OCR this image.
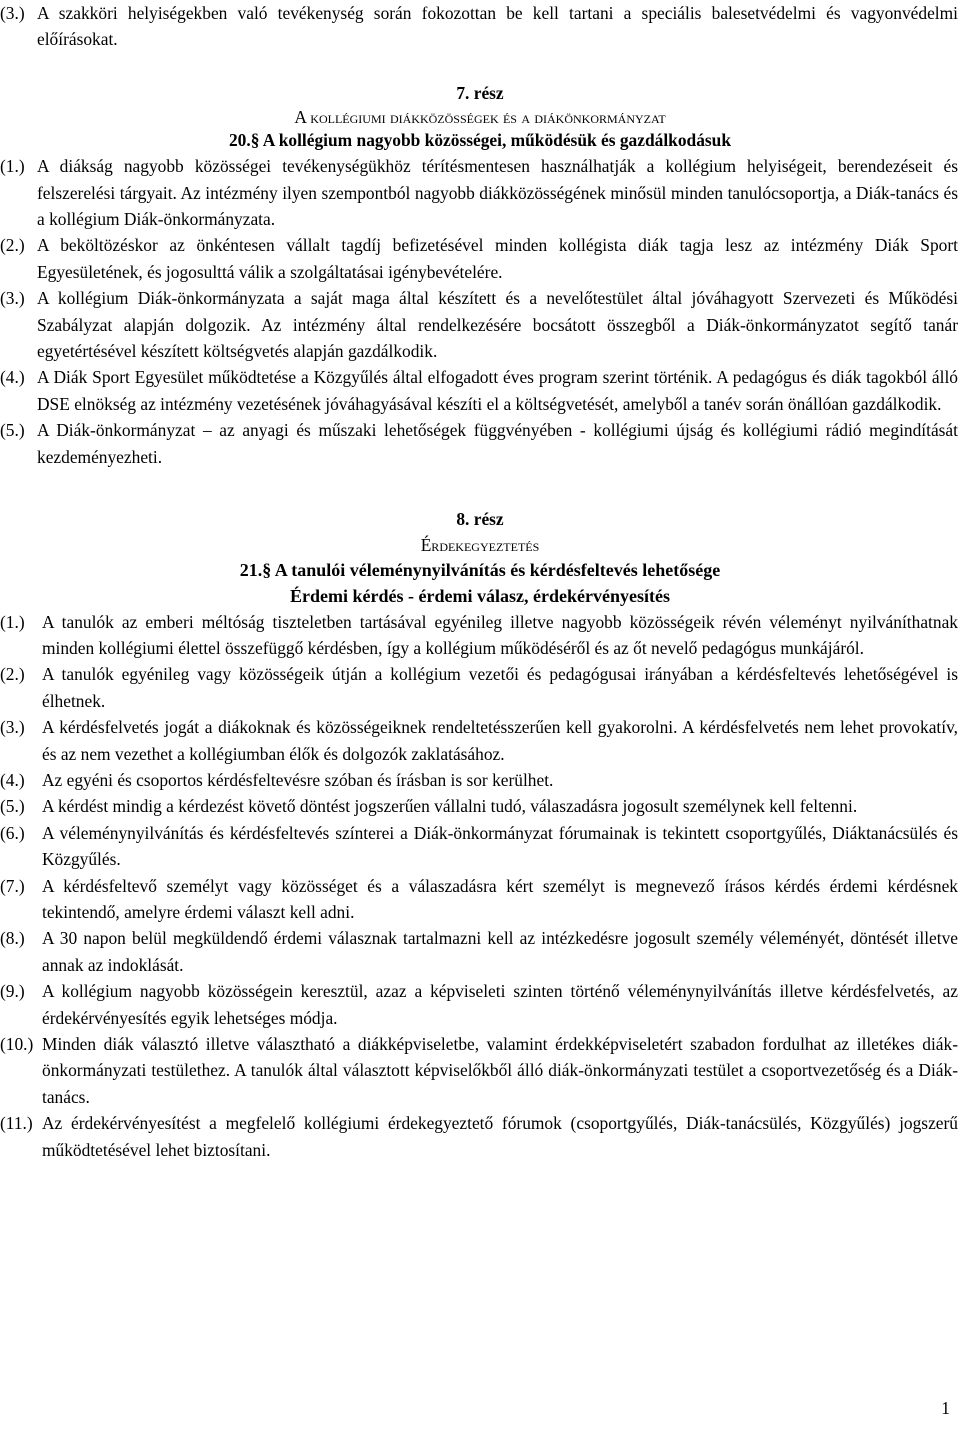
(3.) A szakköri helyiségekben való tevékenység során fokozottan be kell tartani a speciális balesetvédelmi és vagyonvédelmi előírásokat.

7. rész

A kollégiumi diákközösségek és a diákönkormányzat

20.§ A kollégium nagyobb közösségei, működésük és gazdálkodásuk

(1.) A diákság nagyobb közösségei tevékenységükhöz térítésmentesen használhatják a kollégium helyiségeit, berendezéseit és felszerelési tárgyait. Az intézmény ilyen szempontból nagyobb diákközösségének minősül minden tanulócsoportja, a Diák-tanács és a kollégium Diák-önkormányzata.

(2.) A beköltözéskor az önkéntesen vállalt tagdíj befizetésével minden kollégista diák tagja lesz az intézmény Diák Sport Egyesületének, és jogosulttá válik a szolgáltatásai igénybevételére.

(3.) A kollégium Diák-önkormányzata a saját maga által készített és a nevelőtestület által jóváhagyott Szervezeti és Működési Szabályzat alapján dolgozik. Az intézmény által rendelkezésére bocsátott összegből a Diák-önkormányzatot segítő tanár egyetértésével készített költségvetés alapján gazdálkodik.

(4.) A Diák Sport Egyesület működtetése a Közgyűlés által elfogadott éves program szerint történik. A pedagógus és diák tagokból álló DSE elnökség az intézmény vezetésének jóváhagyásával készíti el a költségvetését, amelyből a tanév során önállóan gazdálkodik.

(5.) A Diák-önkormányzat – az anyagi és műszaki lehetőségek függvényében - kollégiumi újság és kollégiumi rádió megindítását kezdeményezheti.

8. rész

Érdekegyeztetés

21.§ A tanulói véleménynyilvánítás és kérdésfeltevés lehetősége

Érdemi kérdés - érdemi válasz, érdekérvényesítés

(1.) A tanulók az emberi méltóság tiszteletben tartásával egyénileg illetve nagyobb közösségeik révén véleményt nyilváníthatnak minden kollégiumi élettel összefüggő kérdésben, így a kollégium működéséről és az őt nevelő pedagógus munkájáról.
(2.) A tanulók egyénileg vagy közösségeik útján a kollégium vezetői és pedagógusai irányában a kérdésfeltevés lehetőségével is élhetnek.
(3.) A kérdésfelvetés jogát a diákoknak és közösségeiknek rendeltetésszerűen kell gyakorolni. A kérdésfelvetés nem lehet provokatív, és az nem vezethet a kollégiumban élők és dolgozók zaklatásához.
(4.) Az egyéni és csoportos kérdésfeltevésre szóban és írásban is sor kerülhet.
(5.) A kérdést mindig a kérdezést követő döntést jogszerűen vállalni tudó, válaszadásra jogosult személynek kell feltenni.
(6.) A véleménynyilvánítás és kérdésfeltevés színterei a Diák-önkormányzat fórumainak is tekintett csoportgyűlés, Diáktanácsülés és Közgyűlés.
(7.) A kérdésfeltevő személyt vagy közösséget és a válaszadásra kért személyt is megnevező írásos kérdés érdemi kérdésnek tekintendő, amelyre érdemi választ kell adni.
(8.) A 30 napon belül megküldendő érdemi válasznak tartalmazni kell az intézkedésre jogosult személy véleményét, döntését illetve annak az indoklását.
(9.) A kollégium nagyobb közösségein keresztül, azaz a képviseleti szinten történő véleménynyilvánítás illetve kérdésfelvetés, az érdekérvényesítés egyik lehetséges módja.
(10.) Minden diák választó illetve választható a diákképviseletbe, valamint érdekképviseletért szabadon fordulhat az illetékes diák-önkormányzati testülethez. A tanulók által választott képviselőkből álló diák-önkormányzati testület a csoportvezetőség és a Diák-tanács.
(11.) Az érdekérvényesítést a megfelelő kollégiumi érdekegyeztető fórumok (csoportgyűlés, Diák-tanácsülés, Közgyűlés) jogszerű működtetésével lehet biztosítani.
1
